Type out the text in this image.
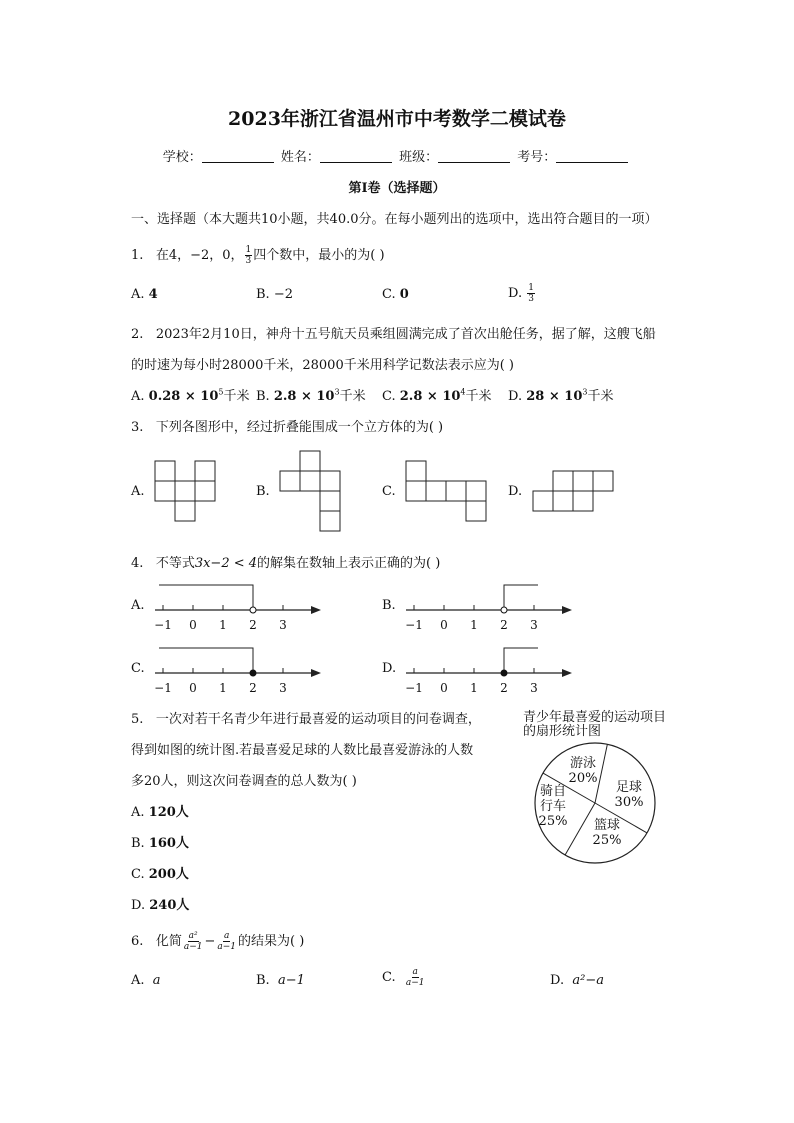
2023年浙江省温州市中考数学二模试卷
学校：	姓名：	班级：	考号：
第I卷（选择题）
一、选择题（本大题共10小题，共40.0分。在每小题列出的选项中，选出符合题目的一项）
1. 在4，−2，0， $\frac{1}{3}$ 四个数中，最小的为( )
A. 4	B. −2	C. 0	D. $\frac{1}{3}$
2. 2023年2月10日，神舟十五号航天员乘组圆满完成了首次出舱任务，据了解，这艘飞船
的时速为每小时28000千米，28000千米用科学记数法表示应为( )
A. $0.28 \times 10^5$千米 B. $2.8 \times 10^3$千米 C. $2.8 \times 10^4$千米 D. $28 \times 10^3$千米
3. 下列各图形中，经过折叠能围成一个立方体的为( )
A.	B.	C.	D.
4. 不等式3x−2 < 4的解集在数轴上表示正确的为( )
A.	B.
C.	D.
−1 0 1 2 3	−1 0 1 2 3
−1 0 1 2 3	−1 0 1 2 3
5. 一次对若干名青少年进行最喜爱的运动项目的问卷调查，
得到如图的统计图.若最喜爱足球的人数比最喜爱游泳的人数
多20人，则这次问卷调查的总人数为( )
A. 120人
B. 160人
C. 200人
D. 240人
青少年最喜爱的运动项目
的扇形统计图
游泳
20%
足球
30%
篮球
25%
骑自
行车
25%
6. 化简 $\frac{\text{a²}}{a-1} - \frac{a}{a-1}$ 的结果为( )
A. a	B. a−1	C. $\frac{a}{a-1}$	D. a²−a
